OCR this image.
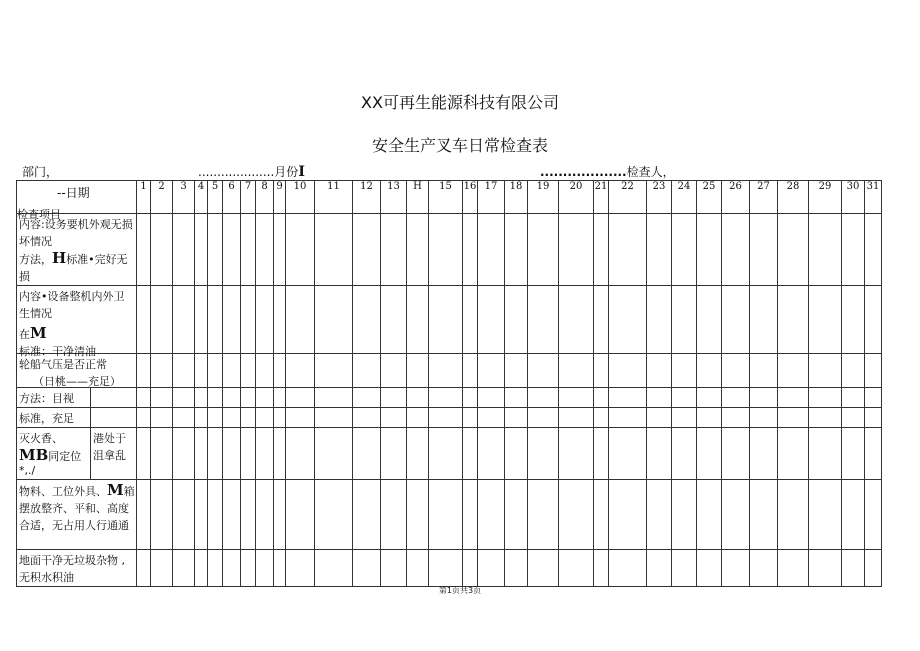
XX可再生能源科技有限公司
安全生产叉车日常检查表
部门，	....................月份I	...................检查人，
--日期
检查项目		1	2	3	4	5	6	7	8	9	10	11	12	13	H	15	16	17	18	19	20	21	22	23	24	25	26	27	28	29	30	31

内容:设务要机外观无损坏情况
方法，H标准•完好无损																																

内容•设备整机内外卫生情况
在M
标准：干净清油																																

轮船气压是否正常
（日桃——充足）																																

方法：目视																																

标准，充足																																

灭火香、
MB同定位
*,./	港处于沮拿乱																															

物料、工位外具、M箱摆放整齐、平和、高度合适，无占用人行通通																																

地面干净无垃圾杂物 ,无积水积油																																

第1页共3页
